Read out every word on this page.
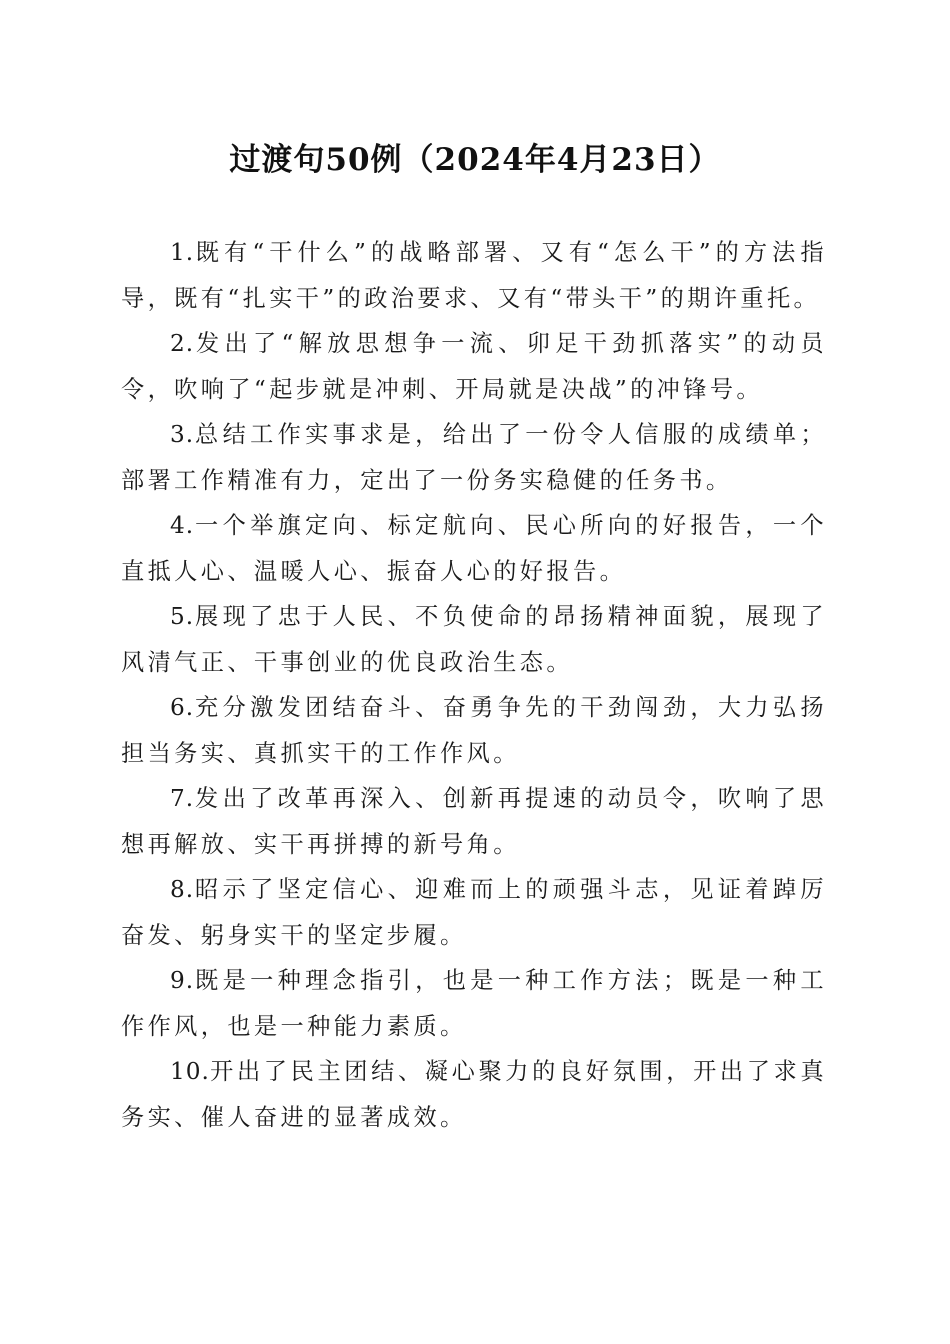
过渡句50例（2024年4月23日）

1.既有“干什么”的战略部署、又有“怎么干”的方法指导，既有“扎实干”的政治要求、又有“带头干”的期许重托。

2.发出了“解放思想争一流、卯足干劲抓落实”的动员令，吹响了“起步就是冲刺、开局就是决战”的冲锋号。

3.总结工作实事求是，给出了一份令人信服的成绩单；部署工作精准有力，定出了一份务实稳健的任务书。

4.一个举旗定向、标定航向、民心所向的好报告，一个直抵人心、温暖人心、振奋人心的好报告。

5.展现了忠于人民、不负使命的昂扬精神面貌，展现了风清气正、干事创业的优良政治生态。

6.充分激发团结奋斗、奋勇争先的干劲闯劲，大力弘扬担当务实、真抓实干的工作作风。

7.发出了改革再深入、创新再提速的动员令，吹响了思想再解放、实干再拼搏的新号角。

8.昭示了坚定信心、迎难而上的顽强斗志，见证着踔厉奋发、躬身实干的坚定步履。

9.既是一种理念指引，也是一种工作方法；既是一种工作作风，也是一种能力素质。

10.开出了民主团结、凝心聚力的良好氛围，开出了求真务实、催人奋进的显著成效。
